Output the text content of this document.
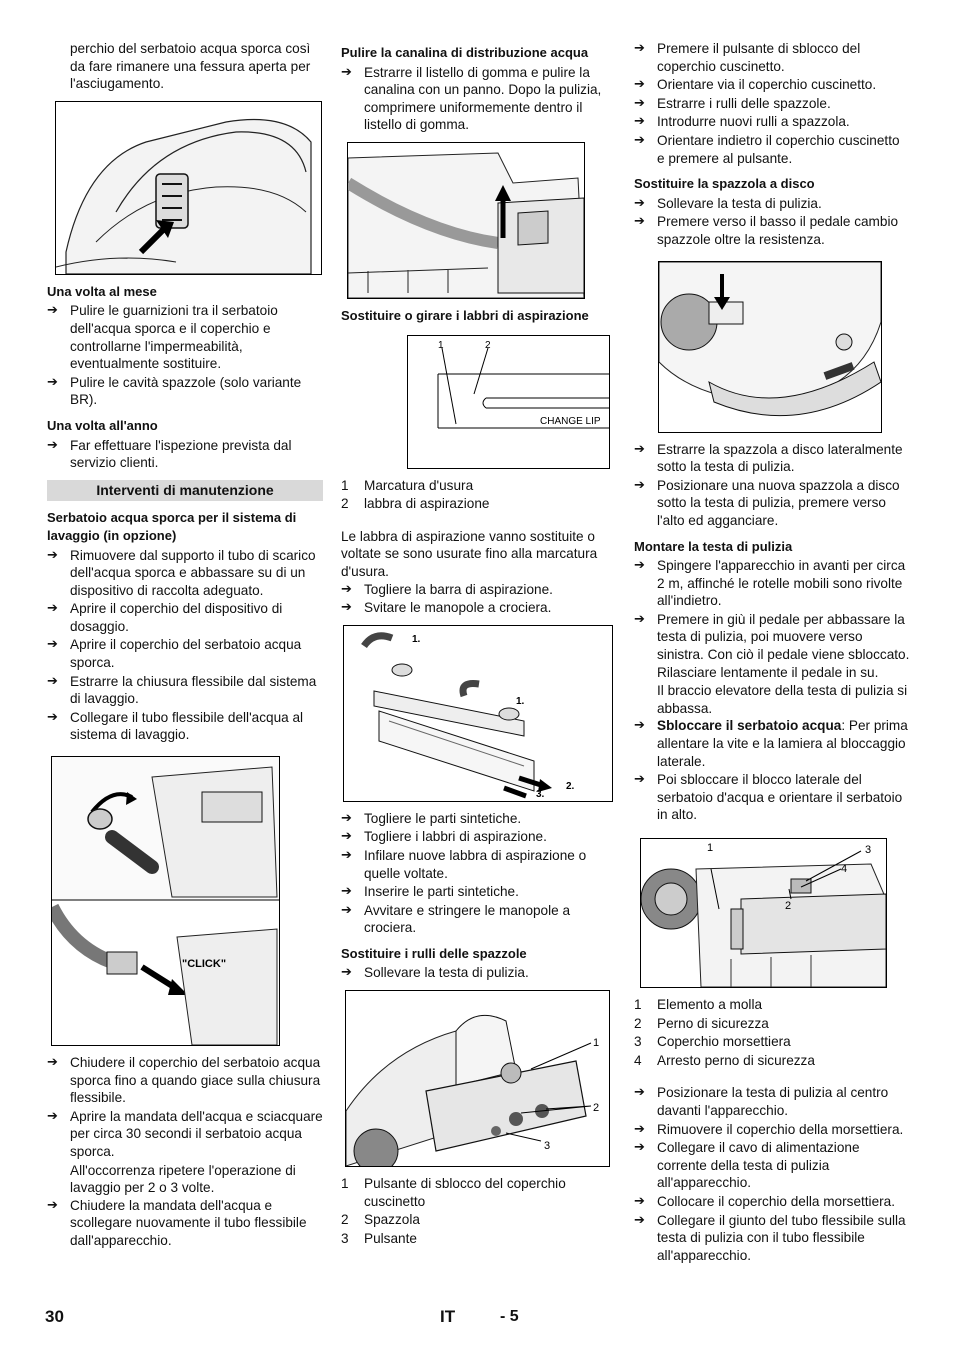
perchio del serbatoio acqua sporca così da fare rimanere una fessura aperta per l'asciugamento.

Una volta al mese

➔ Pulire le guarnizioni tra il serbatoio dell'acqua sporca e il coperchio e controllarne l'impermeabilità, eventualmente sostituire.

➔ Pulire le cavità spazzole (solo variante BR).

Una volta all'anno

➔ Far effettuare l'ispezione prevista dal servizio clienti.

Interventi di manutenzione

Serbatoio acqua sporca per il sistema di lavaggio (in opzione)

➔ Rimuovere dal supporto il tubo di scarico dell'acqua sporca e abbassare su di un dispositivo di raccolta adeguato.

➔ Aprire il coperchio del dispositivo di dosaggio.

➔ Aprire il coperchio del serbatoio acqua sporca.

➔ Estrarre la chiusura flessibile dal sistema di lavaggio.

➔ Collegare il tubo flessibile dell'acqua al sistema di lavaggio.

"CLICK"

➔ Chiudere il coperchio del serbatoio acqua sporca fino a quando giace sulla chiusura flessibile.

➔ Aprire la mandata dell'acqua e sciacquare per circa 30 secondi il serbatoio acqua sporca.

All'occorrenza ripetere l'operazione di lavaggio per 2 o 3 volte.

➔ Chiudere la mandata dell'acqua e scollegare nuovamente il tubo flessibile dall'apparecchio.

Pulire la canalina di distribuzione acqua

➔ Estrarre il listello di gomma e pulire la canalina con un panno. Dopo la pulizia, comprimere uniformemente dentro il listello di gomma.

Sostituire o girare i labbri di aspirazione

1	2
CHANGE LIP
1	Marcatura d'usura
2	labbra di aspirazione

Le labbra di aspirazione vanno sostituite o voltate se sono usurate fino alla marcatura d'usura.

➔ Togliere la barra di aspirazione.

➔ Svitare le manopole a crociera.

1.
1.
2.
3.

➔ Togliere le parti sintetiche.

➔ Togliere i labbri di aspirazione.

➔ Infilare nuove labbra di aspirazione o quelle voltate.

➔ Inserire le parti sintetiche.

➔ Avvitare e stringere le manopole a crociera.

Sostituire i rulli delle spazzole

➔ Sollevare la testa di pulizia.

1
2
3
1	Pulsante di sblocco del coperchio cuscinetto
2	Spazzola
3	Pulsante

➔ Premere il pulsante di sblocco del coperchio cuscinetto.

➔ Orientare via il coperchio cuscinetto.

➔ Estrarre i rulli delle spazzole.

➔ Introdurre nuovi rulli a spazzola.

➔ Orientare indietro il coperchio cuscinetto e premere al pulsante.

Sostituire la spazzola a disco

➔ Sollevare la testa di pulizia.

➔ Premere verso il basso il pedale cambio spazzole oltre la resistenza.

➔ Estrarre la spazzola a disco lateralmente sotto la testa di pulizia.

➔ Posizionare una nuova spazzola a disco sotto la testa di pulizia, premere verso l'alto ed agganciare.

Montare la testa di pulizia

➔ Spingere l'apparecchio in avanti per circa 2 m, affinché le rotelle mobili sono rivolte all'indietro.

➔ Premere in giù il pedale per abbassare la testa di pulizia, poi muovere verso sinistra. Con ciò il pedale viene sbloccato. Rilasciare lentamente il pedale in su.

Il braccio elevatore della testa di pulizia si abbassa.

➔ Sbloccare il serbatoio acqua: Per prima allentare la vite e la lamiera al bloccaggio laterale.

➔ Poi sbloccare il blocco laterale del serbatoio d'acqua e orientare il serbatoio in alto.

1	3
4
2
1	Elemento a molla
2	Perno di sicurezza
3	Coperchio morsettiera
4	Arresto perno di sicurezza

➔ Posizionare la testa di pulizia al centro davanti l'apparecchio.

➔ Rimuovere il coperchio della morsettiera.

➔ Collegare il cavo di alimentazione corrente della testa di pulizia all'apparecchio.

➔ Collocare il coperchio della morsettiera.

➔ Collegare il giunto del tubo flessibile sulla testa di pulizia con il tubo flessibile all'apparecchio.

30	IT	- 5
